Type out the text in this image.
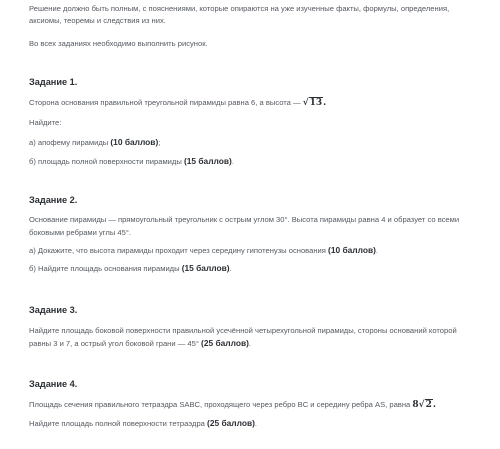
Решение должно быть полным, с пояснениями, которые опираются на уже изученные факты, формулы, определения,

аксиомы, теоремы и следствия из них.

Во всех заданиях необходимо выполнить рисунок.

Задание 1.

Сторона основания правильной треугольной пирамиды равна 6, а высота — √13.

Найдите:

а) апофему пирамиды (10 баллов);

б) площадь полной поверхности пирамиды (15 баллов).

Задание 2.

Основание пирамиды — прямоугольный треугольник с острым углом 30°. Высота пирамиды равна 4 и образует со всеми

боковыми ребрами углы 45°.

а) Докажите, что высота пирамиды проходит через середину гипотенузы основания (10 баллов).

б) Найдите площадь основания пирамиды (15 баллов).

Задание 3.

Найдите площадь боковой поверхности правильной усечённой четырехугольной пирамиды, стороны оснований которой

равны 3 и 7, а острый угол боковой грани — 45° (25 баллов).

Задание 4.

Площадь сечения правильного тетраэдра SABC, проходящего через ребро BC и середину ребра AS, равна 8√2.

Найдите площадь полной поверхности тетраэдра (25 баллов).
